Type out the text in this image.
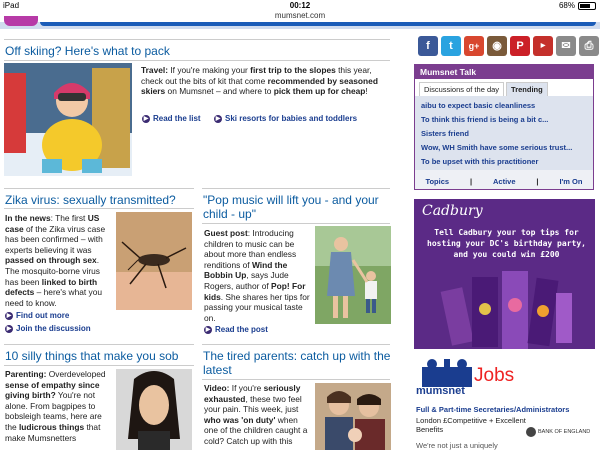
iPad	00:12	68%
mumsnet.com
Off skiing? Here's what to pack
Travel: If you're making your first trip to the slopes this year, check out the bits of kit that come recommended by seasoned skiers on Mumsnet – and where to pick them up for cheap!
▶ Read the list	▶ Ski resorts for babies and toddlers
Zika virus: sexually transmitted?
In the news: The first US case of the Zika virus case has been confirmed – with experts believing it was passed on through sex. The mosquito-borne virus has been linked to birth defects – here's what you need to know.
▶ Find out more
▶ Join the discussion
"Pop music will lift you - and your child - up"
Guest post: Introducing children to music can be about more than endless renditions of Wind the Bobbin Up, says Jude Rogers, author of Pop! For kids. She shares her tips for passing your musical taste on.
▶ Read the post
10 silly things that make you sob
Parenting: Overdeveloped sense of empathy since giving birth? You're not alone. From bagpipes to bobsleigh teams, here are the ludicrous things that make Mumsnetters
The tired parents: catch up with the latest
Video: If you're seriously exhausted, these two feel your pain. This week, just who was 'on duty' when one of the children caught a cold? Catch up with this
f	t	g+	◉	P	▶	✉	⎙
Mumsnet Talk
Discussions of the day	Trending
aibu to expect basic cleanliness
To think this friend is being a bit c...
Sisters friend
Wow, WH Smith have some serious trust...
To be upset with this practitioner
Topics	|	Active	|	I'm On
Cadbury
Tell Cadbury your top tips for hosting your DC's birthday party, and you could win £200
mumsnet
Jobs
Full & Part-time Secretaries/Administrators
London £Competitive + Excellent Benefits	BANK OF ENGLAND
We're not just a uniquely
